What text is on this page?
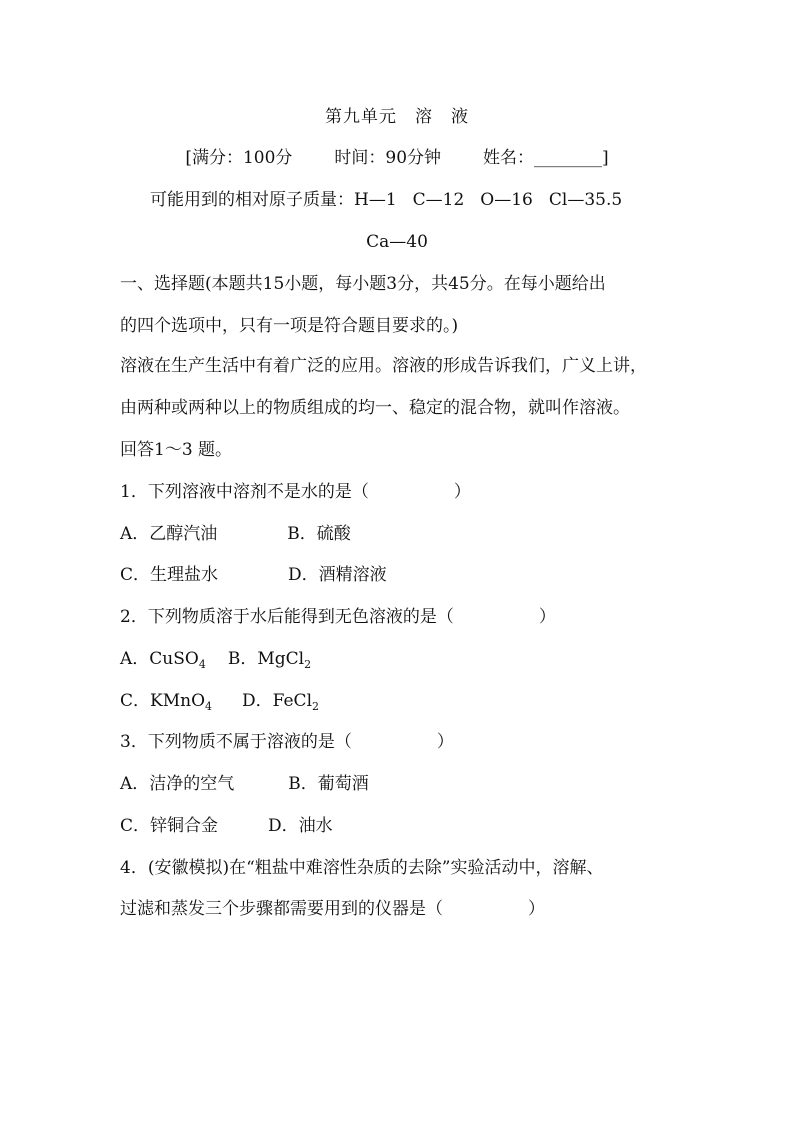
第九单元　溶　液
[满分：100分 时间：90分钟 姓名：________]
可能用到的相对原子质量：H—1 C—12 O—16 Cl—35.5
Ca—40
一、选择题(本题共15小题，每小题3分，共45分。在每小题给出
的四个选项中，只有一项是符合题目要求的。)
溶液在生产生活中有着广泛的应用。溶液的形成告诉我们，广义上讲，
由两种或两种以上的物质组成的均一、稳定的混合物，就叫作溶液。
回答1～3 题。
1．下列溶液中溶剂不是水的是（　　　　　）
A．乙醇汽油	B．硫酸
C．生理盐水	D．酒精溶液
2．下列物质溶于水后能得到无色溶液的是（　　　　　）
A．CuSO$_4$ B．MgCl$_2$
C．KMnO$_4$ D．FeCl$_2$
3．下列物质不属于溶液的是（　　　　　）
A．洁净的空气	B．葡萄酒
C．锌铜合金	D．油水
4．(安徽模拟)在“粗盐中难溶性杂质的去除”实验活动中，溶解、
过滤和蒸发三个步骤都需要用到的仪器是（　　　　　）
